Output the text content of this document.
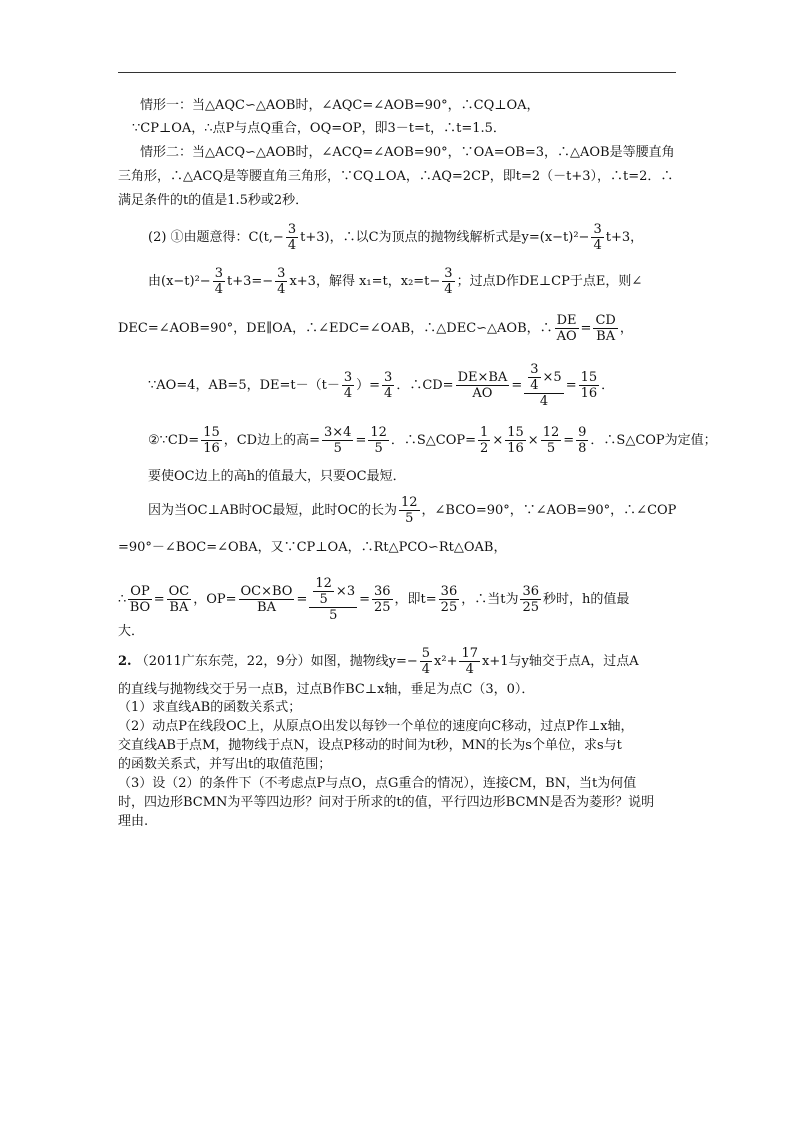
情形一：当△AQC∽△AOB时，∠AQC=∠AOB=90°，∴CQ⊥OA，
∵CP⊥OA，∴点P与点Q重合，OQ=OP，即3－t=t，∴t=1.5．
情形二：当△ACQ∽△AOB时，∠ACQ=∠AOB=90°，∵OA=OB=3，∴△AOB是等腰直角
三角形，∴△ACQ是等腰直角三角形，∵CQ⊥OA，∴AQ=2CP，即t=2（－t+3），∴t=2．∴
满足条件的t的值是1.5秒或2秒．
(2) ①由题意得：$C(t,- \frac{3}{4} t+3)$，∴以C为顶点的抛物线解析式是$y=(x-t)^2- \frac{3}{4} t+3$，
由$(x-t)^2- \frac{3}{4} t+3=- \frac{3}{4} x+3$，解得 x₁=t，$x_2=t- \frac{3}{4}$ ；过点D作DE⊥CP于点E，则∠
DEC=∠AOB=90°，DE∥OA，∴∠EDC=∠OAB，∴△DEC∽△AOB，∴ $\frac{DE}{AO} = \frac{CD}{BA}$ ，
∵AO=4，AB=5，$DE=t-(t- \frac{3}{4}$ ）= $\frac{3}{4}$ ．∴CD= $\frac{DE\times BA}{AO} = \frac{\frac{3}{4} \times 5}{4} = \frac{15}{16}$ ．
②∵CD= $\frac{15}{16}$ ，CD边上的高= $\frac{3\times 4}{5} = \frac{12}{5}$ ．∴S△COP= $\frac{1}{2} \times \frac{15}{16} \times \frac{12}{5} = \frac{9}{8}$ ．∴S△COP为定值；
要使OC边上的高h的值最大，只要OC最短．
因为当OC⊥AB时OC最短，此时OC的长为 $\frac{12}{5}$ ，∠BCO=90°，∵∠AOB=90°，∴∠COP
=90°－∠BOC=∠OBA，又∵CP⊥OA，∴Rt△PCO∽Rt△OAB，
∴ $\frac{OP}{BO} = \frac{OC}{BA}$ ，$OP= \frac{OC\times BO}{BA} = \frac{\frac{12}{5} \times 3}{5} = \frac{36}{25}$ ，即$t= \frac{36}{25}$ ，∴当t为 $\frac{36}{25}$ 秒时，h的值最
大．
2. （2011广东东莞，22，9分）如图，抛物线$y=- \frac{5}{4} x^2+ \frac{17}{4} x+1$与y轴交于点A，过点A
的直线与抛物线交于另一点B，过点B作BC⊥x轴，垂足为点C（3，0）．
（1）求直线AB的函数关系式；
（2）动点P在线段OC上，从原点O出发以每钞一个单位的速度向C移动，过点P作⊥x轴，
交直线AB于点M，抛物线于点N，设点P移动的时间为t秒，MN的长为s个单位，求s与t
的函数关系式，并写出t的取值范围；
（3）设（2）的条件下（不考虑点P与点O，点G重合的情况），连接CM，BN，当t为何值
时，四边形BCMN为平等四边形？问对于所求的t的值，平行四边形BCMN是否为菱形？说明
理由.
